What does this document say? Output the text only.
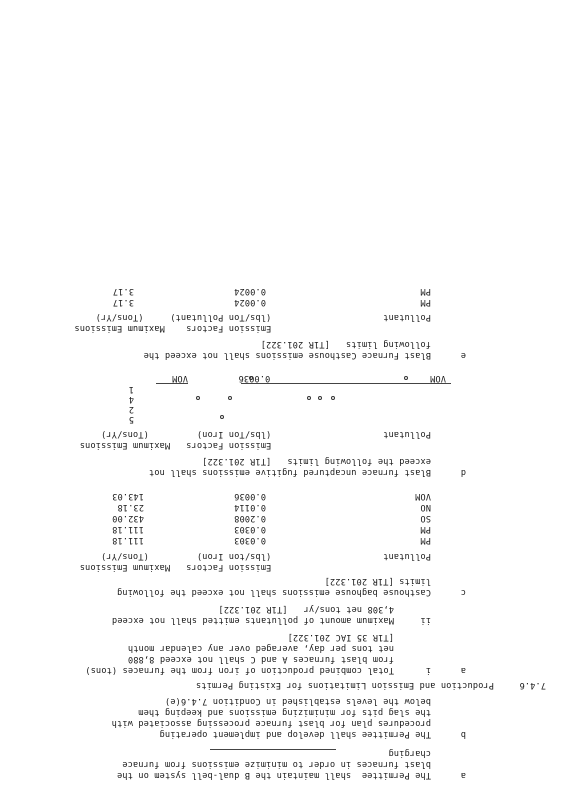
a
The Permittee  shall maintain the B dual-bell system on the
blast furnaces in order to minimize emissions from furnace
charging
b
The Permittee shall develop and implement operating
procedures plan for blast furnace processing associated with
the slag pits for minimizing emissions and keeping them
below the levels established in Condition 7.4.6(e)
7.4.6
Production and Emission Limitations for Existing Permits
a
i
Total combined production of iron from the furnaces (tons)
from blast furnaces A and C shall not exceed 8,880
net tons per day, averaged over any calendar month
[T1R 35 IAC 201.322]
ii
Maximum amount of pollutants emitted shall not exceed
4,308 net tons/yr   [T1R 201.322]
c
Casthouse baghouse emissions shall not exceed the following
limits [T1R 201.322]
Emission Factors   Maximum Emissions
Pollutant                     (lbs/ton Iron)         (Tons/Yr)
PM
0.0303
111.18
PM
0.0303
111.18
SO
0.2008
432.00
NO
0.0114
23.18
VOM
0.0036
143.03
d
Blast furnace uncaptured fugitive emissions shall not
exceed the following limits   [T1R 201.322]
Emission Factors   Maximum Emissions
Pollutant                     (lbs/Ton Iron)         (Tons/Yr)
5
2
4
1
VOM                              0.0036
VOM
e
Blast Furnace Casthouse emissions shall not exceed the
following limits   [T1R 201.322]
Emission Factors    Maximum Emissions
Pollutant                     (lbs/Ton Pollutant)     (Tons/Yr)
PM
0.0024
3.17
PM
0.0024
3.17
